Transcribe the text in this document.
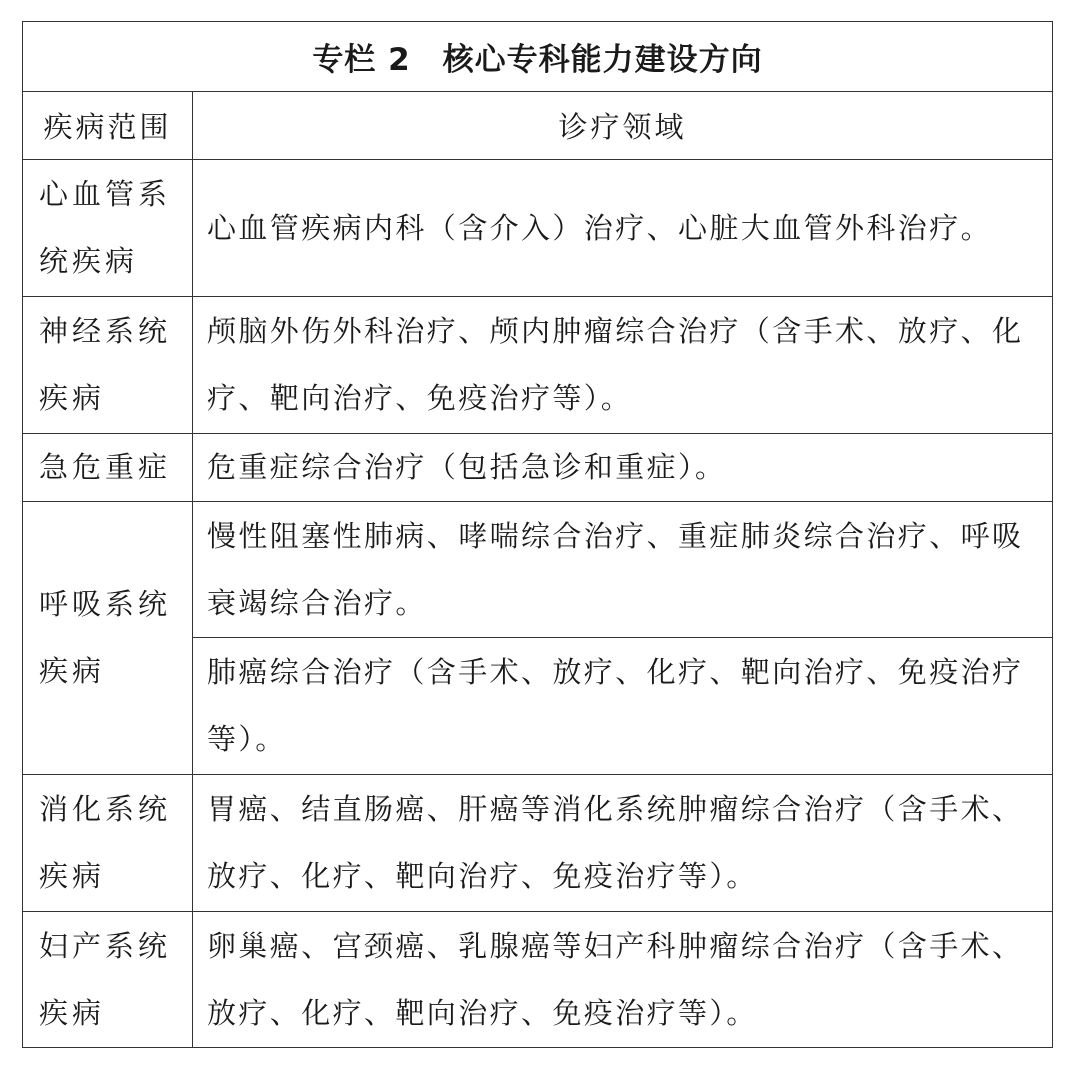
专栏 2　核心专科能力建设方向	
疾病范围	诊疗领域
心血管系统疾病	心血管疾病内科（含介入）治疗、心脏大血管外科治疗。
神经系统疾病	颅脑外伤外科治疗、颅内肿瘤综合治疗（含手术、放疗、化疗、靶向治疗、免疫治疗等）。
急危重症	危重症综合治疗（包括急诊和重症）。
呼吸系统疾病	慢性阻塞性肺病、哮喘综合治疗、重症肺炎综合治疗、呼吸衰竭综合治疗。
	肺癌综合治疗（含手术、放疗、化疗、靶向治疗、免疫治疗等）。
消化系统疾病	胃癌、结直肠癌、肝癌等消化系统肿瘤综合治疗（含手术、放疗、化疗、靶向治疗、免疫治疗等）。
妇产系统疾病	卵巢癌、宫颈癌、乳腺癌等妇产科肿瘤综合治疗（含手术、放疗、化疗、靶向治疗、免疫治疗等）。
